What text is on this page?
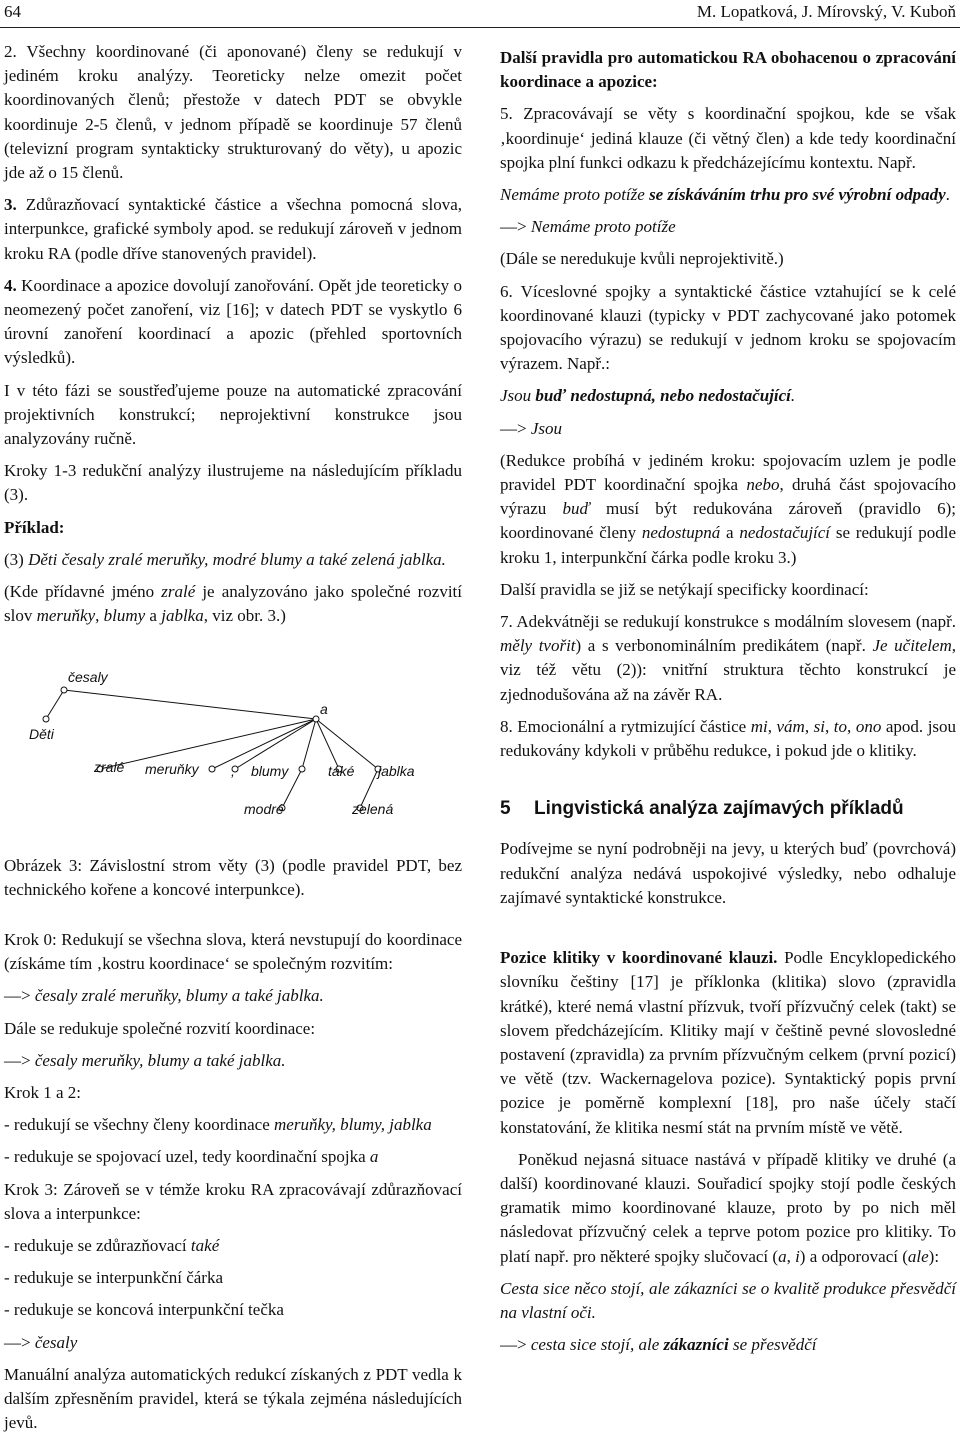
64	M. Lopatková, J. Mírovský, V. Kuboň

2. Všechny koordinované (či aponované) členy se redukují v jediném kroku analýzy. Teoreticky nelze omezit počet koordinovaných členů; přestože v datech PDT se obvykle koordinuje 2-5 členů, v jednom případě se koordinuje 57 členů (televizní program syntakticky strukturovaný do věty), u apozic jde až o 15 členů.

3. Zdůrazňovací syntaktické částice a všechna pomocná slova, interpunkce, grafické symboly apod. se redukují zároveň v jednom kroku RA (podle dříve stanovených pravidel).

4. Koordinace a apozice dovolují zanořování. Opět jde teoreticky o neomezený počet zanoření, viz [16]; v datech PDT se vyskytlo 6 úrovní zanoření koordinací a apozic (přehled sportovních výsledků).

I v této fázi se soustřeďujeme pouze na automatické zpracování projektivních konstrukcí; neprojektivní konstrukce jsou analyzovány ručně.

Kroky 1-3 redukční analýzy ilustrujeme na následujícím příkladu (3).

Příklad:

(3) Děti česaly zralé meruňky, modré blumy a také zelená jablka.

(Kde přídavné jméno zralé je analyzováno jako společné rozvití slov meruňky, blumy a jablka, viz obr. 3.)

česaly
Děti
a
zralé meruňky , blumy	také jablka
modré	zelená
Obrázek 3: Závislostní strom věty (3) (podle pravidel PDT, bez technického kořene a koncové interpunkce).

Krok 0: Redukují se všechna slova, která nevstupují do koordinace (získáme tím ‚kostru koordinace‘ se společným rozvitím:

—> česaly zralé meruňky, blumy a také jablka.

Dále se redukuje společné rozvití koordinace:

—> česaly meruňky, blumy a také jablka.

Krok 1 a 2:

- redukují se všechny členy koordinace meruňky, blumy, jablka

- redukuje se spojovací uzel, tedy koordinační spojka a

Krok 3: Zároveň se v témže kroku RA zpracovávají zdůrazňovací slova a interpunkce:

- redukuje se zdůrazňovací také

- redukuje se interpunkční čárka

- redukuje se koncová interpunkční tečka

—> česaly

Manuální analýza automatických redukcí získaných z PDT vedla k dalším zpřesněním pravidel, která se týkala zejména následujících jevů.

Další pravidla pro automatickou RA obohacenou o zpracování koordinace a apozice:

5. Zpracovávají se věty s koordinační spojkou, kde se však ‚koordinuje‘ jediná klauze (či větný člen) a kde tedy koordinační spojka plní funkci odkazu k předcházejícímu kontextu. Např.

Nemáme proto potíže se získáváním trhu pro své výrobní odpady.

—> Nemáme proto potíže

(Dále se neredukuje kvůli neprojektivitě.)

6. Víceslovné spojky a syntaktické částice vztahující se k celé koordinované klauzi (typicky v PDT zachycované jako potomek spojovacího výrazu) se redukují v jednom kroku se spojovacím výrazem. Např.:

Jsou buď nedostupná, nebo nedostačující.

—> Jsou

(Redukce probíhá v jediném kroku: spojovacím uzlem je podle pravidel PDT koordinační spojka nebo, druhá část spojovacího výrazu buď musí být redukována zároveň (pravidlo 6); koordinované členy nedostupná a nedostačující se redukují podle kroku 1, interpunkční čárka podle kroku 3.)

Další pravidla se již se netýkají specificky koordinací:

7. Adekvátněji se redukují konstrukce s modálním slovesem (např. měly tvořit) a s verbonominálním predikátem (např. Je učitelem, viz též větu (2)): vnitřní struktura těchto konstrukcí je zjednodušována až na závěr RA.

8. Emocionální a rytmizující částice mi, vám, si, to, ono apod. jsou redukovány kdykoli v průběhu redukce, i pokud jde o klitiky.

5 Lingvistická analýza zajímavých příkladů

Podívejme se nyní podrobněji na jevy, u kterých buď (povrchová) redukční analýza nedává uspokojivé výsledky, nebo odhaluje zajímavé syntaktické konstrukce.

Pozice klitiky v koordinované klauzi. Podle Encyklopedického slovníku češtiny [17] je příklonka (klitika) slovo (zpravidla krátké), které nemá vlastní přízvuk, tvoří přízvučný celek (takt) se slovem předcházejícím. Klitiky mají v češtině pevné slovosledné postavení (zpravidla) za prvním přízvučným celkem (první pozicí) ve větě (tzv. Wackernagelova pozice). Syntaktický popis první pozice je poměrně komplexní [18], pro naše účely stačí konstatování, že klitika nesmí stát na prvním místě ve větě.

Poněkud nejasná situace nastává v případě klitiky ve druhé (a další) koordinované klauzi. Souřadicí spojky stojí podle českých gramatik mimo koordinované klauze, proto by po nich měl následovat přízvučný celek a teprve potom pozice pro klitiky. To platí např. pro některé spojky slučovací (a, i) a odporovací (ale):

Cesta sice něco stojí, ale zákazníci se o kvalitě produkce přesvědčí na vlastní oči.

—> cesta sice stojí, ale zákazníci se přesvědčí
